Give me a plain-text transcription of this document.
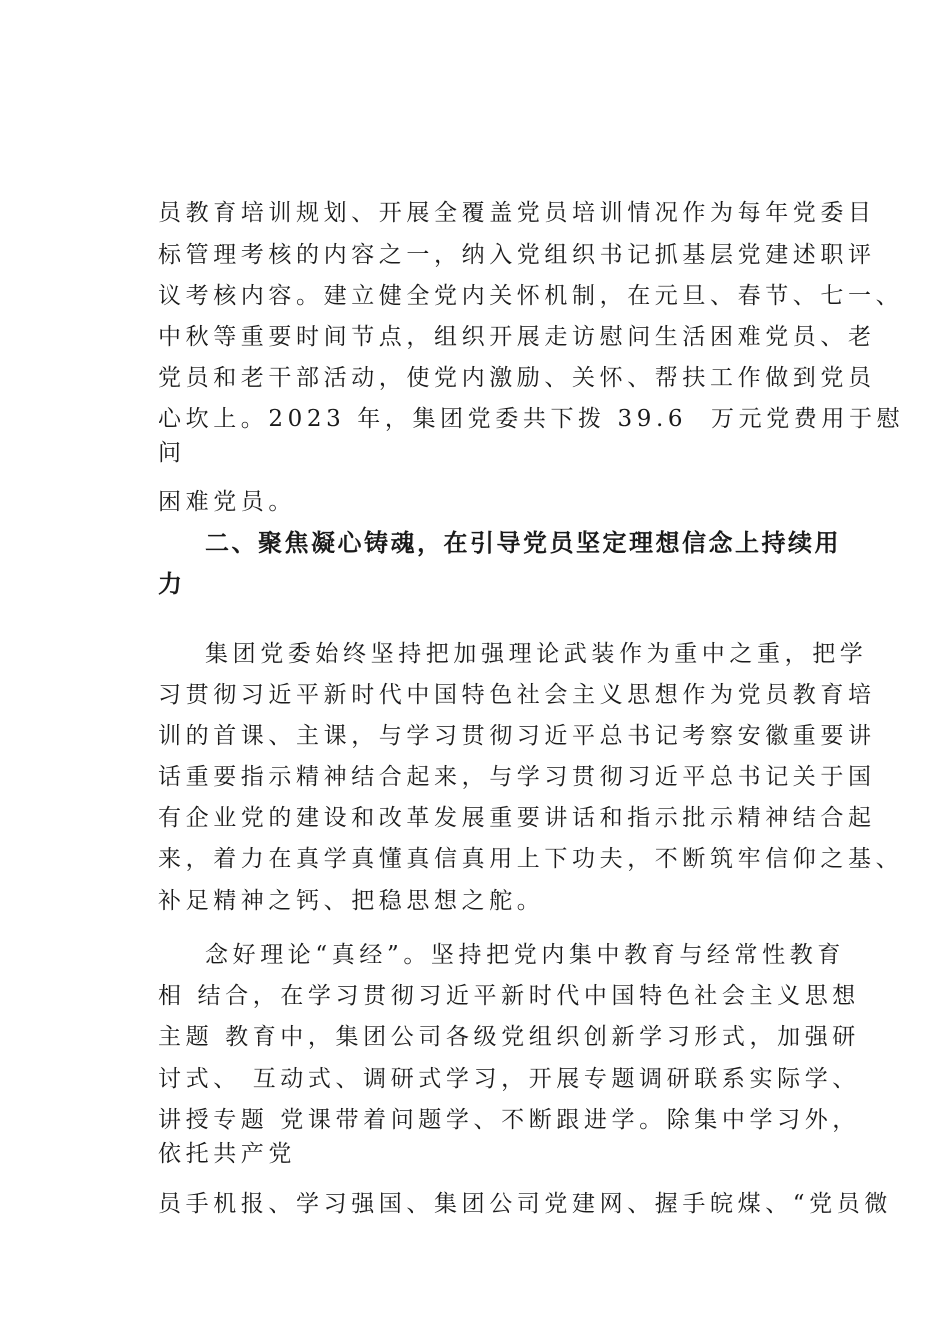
员教育培训规划、开展全覆盖党员培训情况作为每年党委目
标管理考核的内容之一，纳入党组织书记抓基层党建述职评
议考核内容。建立健全党内关怀机制，在元旦、春节、七一、
中秋等重要时间节点，组织开展走访慰问生活困难党员、老
党员和老干部活动，使党内激励、关怀、帮扶工作做到党员
心坎上。2023 年，集团党委共下拨 39.6  万元党费用于慰
问
困难党员。
二、聚焦凝心铸魂，在引导党员坚定理想信念上持续用
力
集团党委始终坚持把加强理论武装作为重中之重，把学
习贯彻习近平新时代中国特色社会主义思想作为党员教育培
训的首课、主课，与学习贯彻习近平总书记考察安徽重要讲
话重要指示精神结合起来，与学习贯彻习近平总书记关于国
有企业党的建设和改革发展重要讲话和指示批示精神结合起
来，着力在真学真懂真信真用上下功夫，不断筑牢信仰之基、
补足精神之钙、把稳思想之舵。
念好理论“真经”。坚持把党内集中教育与经常性教育
相 结合，在学习贯彻习近平新时代中国特色社会主义思想
主题 教育中，集团公司各级党组织创新学习形式，加强研
讨式、 互动式、调研式学习，开展专题调研联系实际学、
讲授专题 党课带着问题学、不断跟进学。除集中学习外，
依托共产党
员手机报、学习强国、集团公司党建网、握手皖煤、“党员微
